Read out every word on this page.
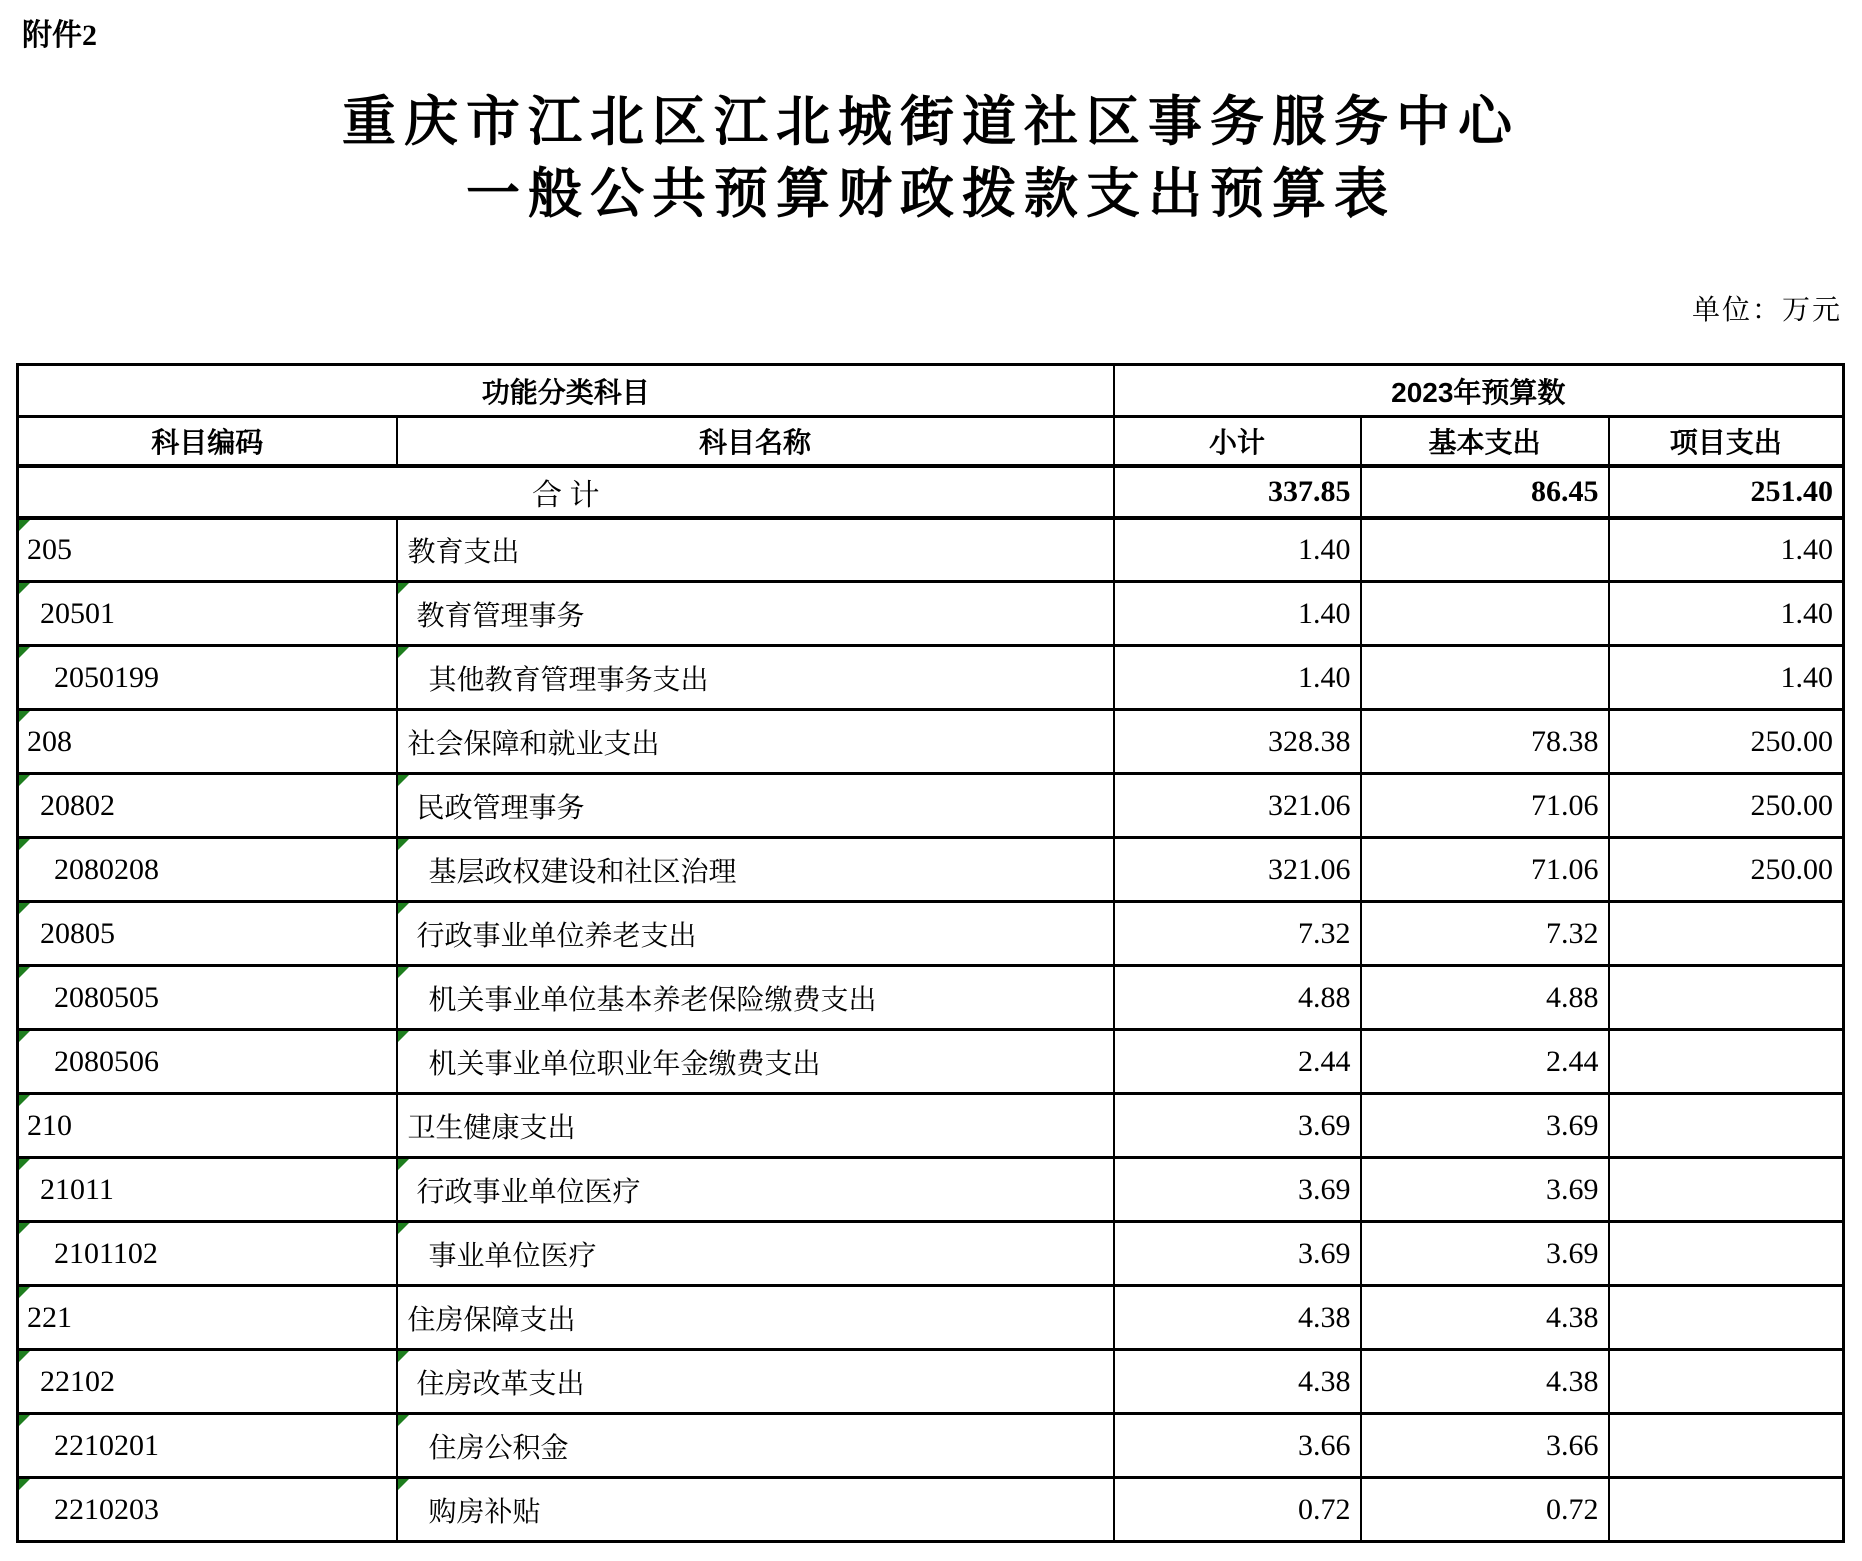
附件2
重庆市江北区江北城街道社区事务服务中心
一般公共预算财政拨款支出预算表
单位：万元
功能分类科目		2023年预算数		
科目编码	科目名称	小计	基本支出	项目支出
合 计		337.85	86.45	251.40

205	教育支出	1.40		1.40

20501	教育管理事务	1.40		1.40

2050199	其他教育管理事务支出	1.40		1.40

208	社会保障和就业支出	328.38	78.38	250.00

20802	民政管理事务	321.06	71.06	250.00

2080208	基层政权建设和社区治理	321.06	71.06	250.00

20805	行政事业单位养老支出	7.32	7.32	

2080505	机关事业单位基本养老保险缴费支出	4.88	4.88	

2080506	机关事业单位职业年金缴费支出	2.44	2.44	

210	卫生健康支出	3.69	3.69	

21011	行政事业单位医疗	3.69	3.69	

2101102	事业单位医疗	3.69	3.69	

221	住房保障支出	4.38	4.38	

22102	住房改革支出	4.38	4.38	

2210201	住房公积金	3.66	3.66	

2210203	购房补贴	0.72	0.72	
